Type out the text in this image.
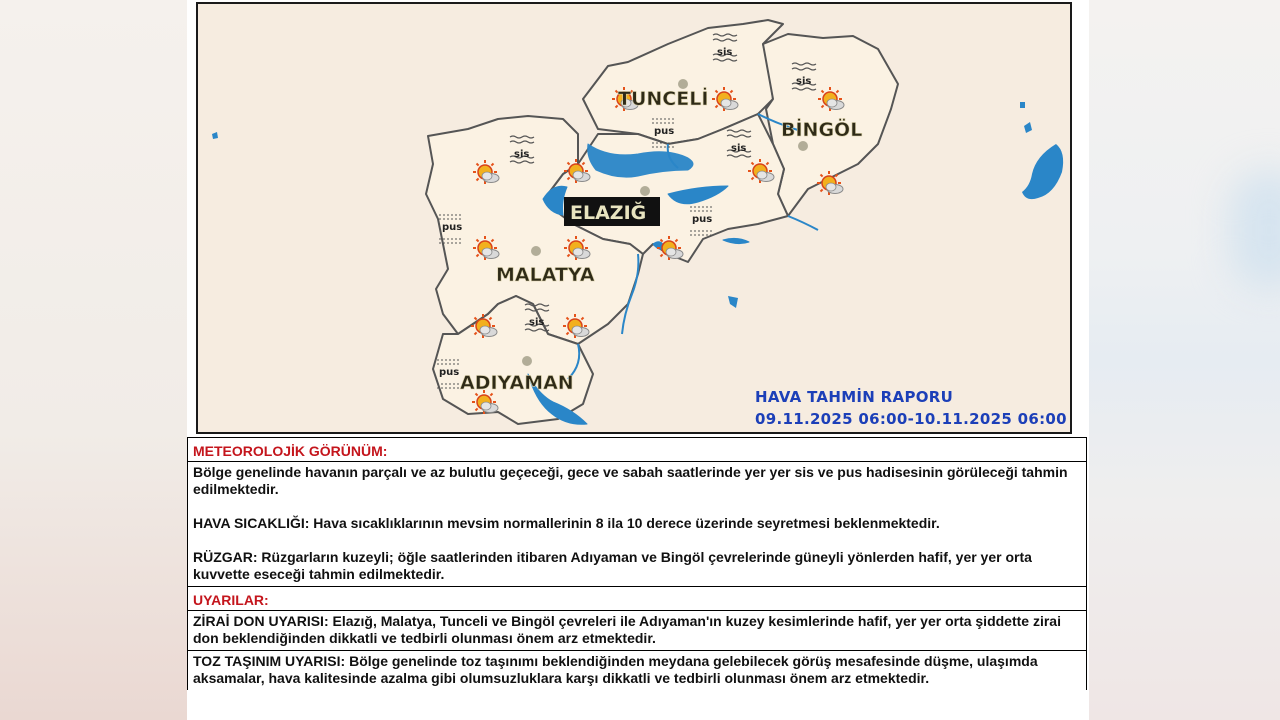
sis
sis
sis
sis
sis
pus
pus
pus
pus
TUNCELİ
BİNGÖL
ELAZIĞ
MALATYA
ADIYAMAN
HAVA TAHMİN RAPORU
09.11.2025 06:00-10.11.2025 06:00
METEOROLOJİK GÖRÜNÜM:
Bölge genelinde havanın parçalı ve az bulutlu geçeceği, gece ve sabah saatlerinde yer yer sis ve pus hadisesinin görüleceği tahmin edilmektedir.
HAVA SICAKLIĞI: Hava sıcaklıklarının mevsim normallerinin 8 ila 10 derece üzerinde seyretmesi beklenmektedir.
RÜZGAR: Rüzgarların kuzeyli; öğle saatlerinden itibaren Adıyaman ve Bingöl çevrelerinde güneyli yönlerden hafif, yer yer orta kuvvette eseceği tahmin edilmektedir.
UYARILAR:
ZİRAİ DON UYARISI: Elazığ, Malatya, Tunceli ve Bingöl çevreleri ile Adıyaman'ın kuzey kesimlerinde hafif, yer yer orta şiddette zirai don beklendiğinden dikkatli ve tedbirli olunması önem arz etmektedir.
TOZ TAŞINIM UYARISI: Bölge genelinde toz taşınımı beklendiğinden meydana gelebilecek görüş mesafesinde düşme, ulaşımda aksamalar, hava kalitesinde azalma gibi olumsuzluklara karşı dikkatli ve tedbirli olunması önem arz etmektedir.
